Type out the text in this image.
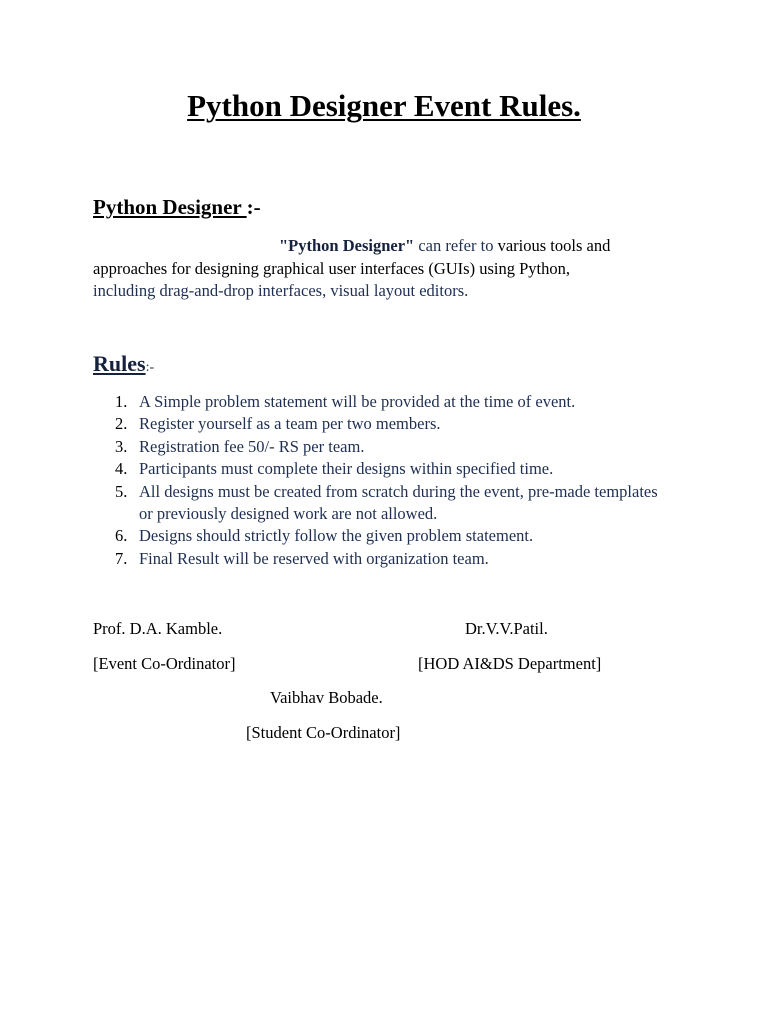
Python Designer Event Rules.
Python Designer :-

"Python Designer" can refer to various tools and
approaches for designing graphical user interfaces (GUIs) using Python,
including drag-and-drop interfaces, visual layout editors.

Rules:-
1. A Simple problem statement will be provided at the time of event.
2. Register yourself as a team per two members.
3. Registration fee 50/- RS per team.
4. Participants must complete their designs within specified time.
5. All designs must be created from scratch during the event, pre-made templates or previously designed work are not allowed.
6. Designs should strictly follow the given problem statement.
7. Final Result will be reserved with organization team.

Prof. D.A. Kamble.	Dr.V.V.Patil.

[Event Co-Ordinator]	[HOD AI&DS Department]

Vaibhav Bobade.

[Student Co-Ordinator]
